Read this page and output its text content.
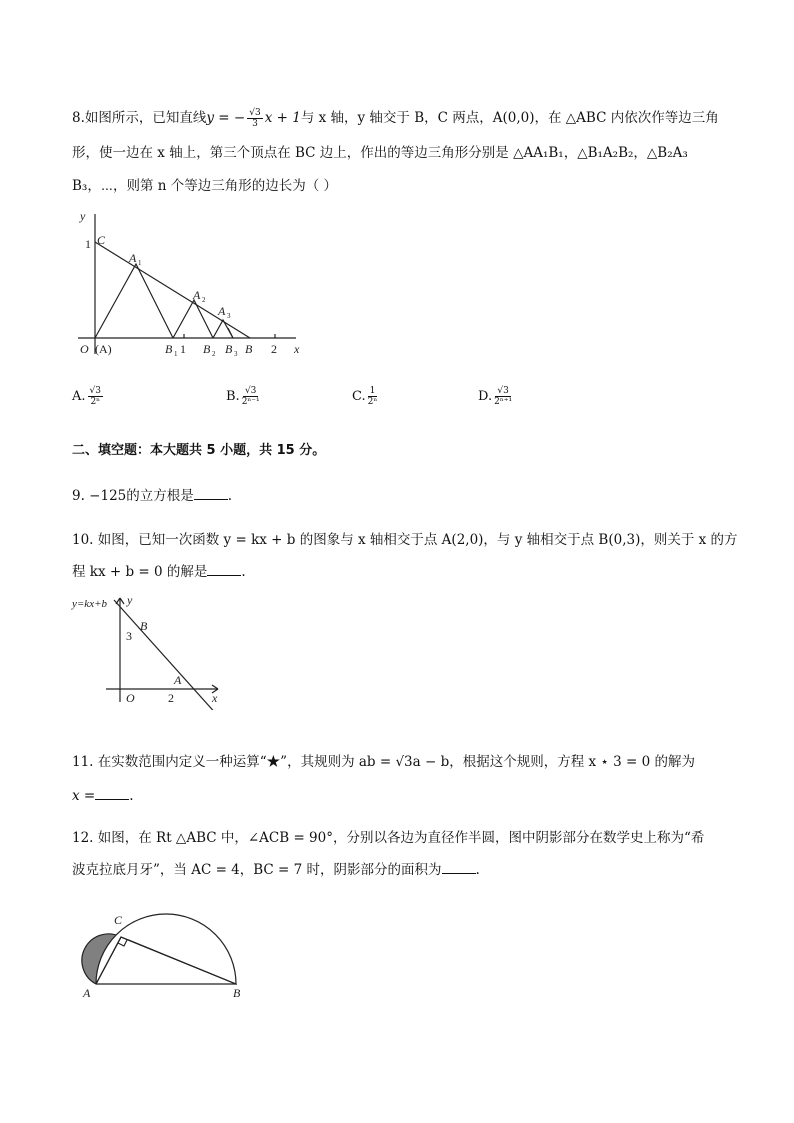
8.如图所示，已知直线y = − $\frac{√3}{3}$ x + 1与 x 轴，y 轴交于 B，C 两点，A(0,0)，在 △ABC 内依次作等边三角
形，使一边在 x 轴上，第三个顶点在 BC 边上，作出的等边三角形分别是 △AA₁B₁，△B₁A₂B₂，△B₂A₃
B₃，⋯，则第 n 个等边三角形的边长为（ ）
y
1 C
A 1
A 2
A 3
O (A)	B 1 1 B 2 B 3 B 2 x
A. $\frac{√3}{\text{2ⁿ}}$	B. $\frac{√3}{\text{2ⁿ⁻¹}}$	C. $\frac{1}{\text{2ⁿ}}$	D. $\frac{√3}{\text{2ⁿ⁺¹}}$
二、填空题：本大题共 5 小题，共 15 分。
9. −125的立方根是	.
10. 如图，已知一次函数 y = kx + b 的图象与 x 轴相交于点 A(2,0)，与 y 轴相交于点 B(0,3)，则关于 x 的方
程 kx + b = 0 的解是	.
y=kx+b y
B
3
A
O	2	x
11. 在实数范围内定义一种运算“★”，其规则为 ab = √3a − b，根据这个规则，方程 x ⋆ 3 = 0 的解为
x =	.
12. 如图，在 Rt △ABC 中，∠ACB = 90°，分别以各边为直径作半圆，图中阴影部分在数学史上称为“希
波克拉底月牙”，当 AC = 4，BC = 7 时，阴影部分的面积为	.
C
A	B
